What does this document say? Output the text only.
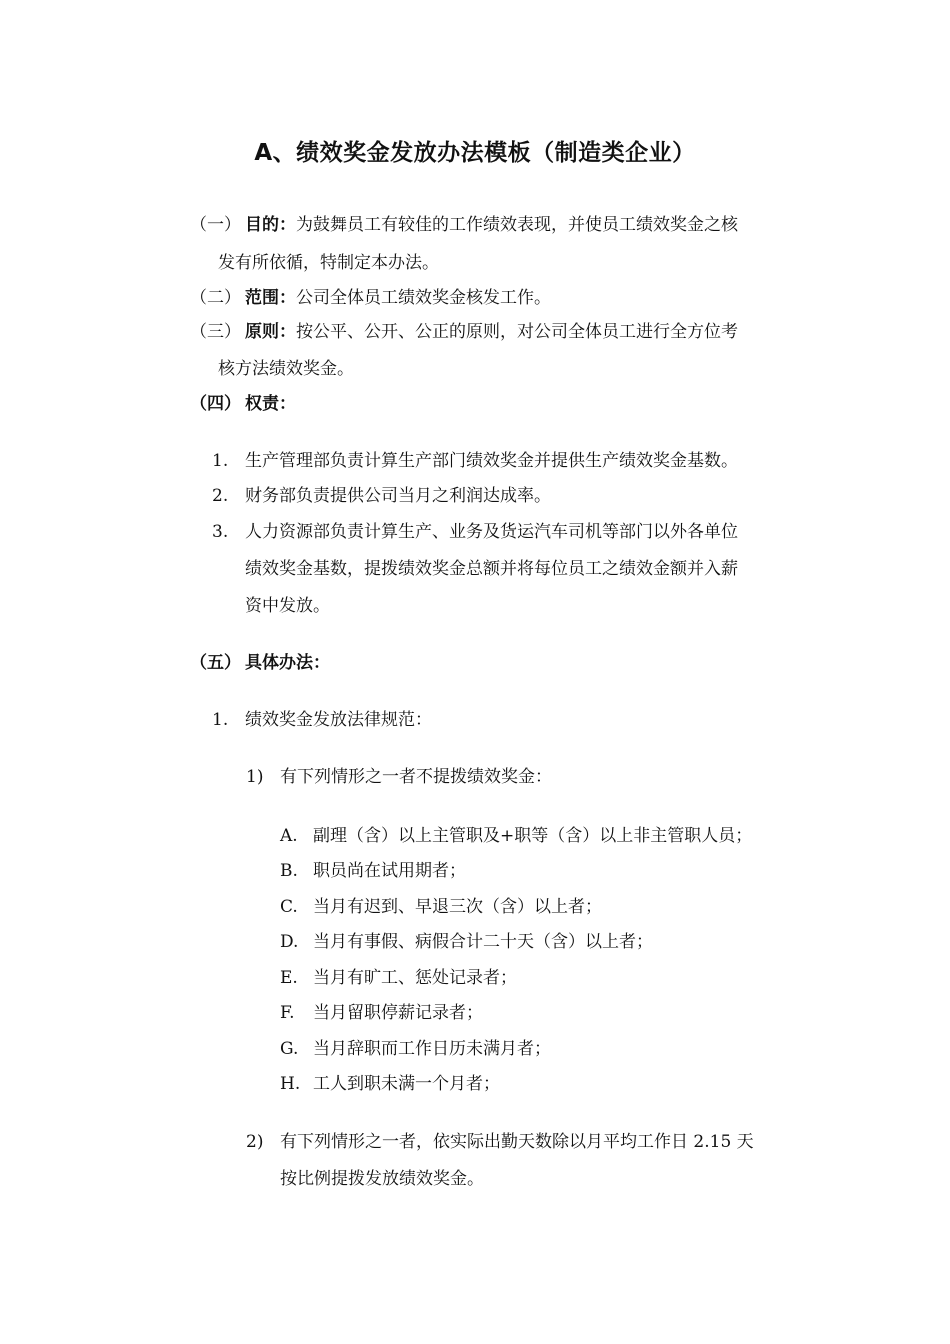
A、绩效奖金发放办法模板（制造类企业）
（一） 目的：为鼓舞员工有较佳的工作绩效表现，并使员工绩效奖金之核
发有所依循，特制定本办法。
（二） 范围：公司全体员工绩效奖金核发工作。
（三） 原则：按公平、公开、公正的原则，对公司全体员工进行全方位考
核方法绩效奖金。
（四） 权责：
1. 生产管理部负责计算生产部门绩效奖金并提供生产绩效奖金基数。
2. 财务部负责提供公司当月之利润达成率。
3. 人力资源部负责计算生产、业务及货运汽车司机等部门以外各单位
绩效奖金基数，提拨绩效奖金总额并将每位员工之绩效金额并入薪
资中发放。
（五） 具体办法：
1. 绩效奖金发放法律规范：
1) 有下列情形之一者不提拨绩效奖金：
A. 副理（含）以上主管职及+职等（含）以上非主管职人员；
B. 职员尚在试用期者；
C. 当月有迟到、早退三次（含）以上者；
D. 当月有事假、病假合计二十天（含）以上者；
E. 当月有旷工、惩处记录者；
F. 当月留职停薪记录者；
G. 当月辞职而工作日历未满月者；
H. 工人到职未满一个月者；
2) 有下列情形之一者，依实际出勤天数除以月平均工作日 2.15 天
按比例提拨发放绩效奖金。
